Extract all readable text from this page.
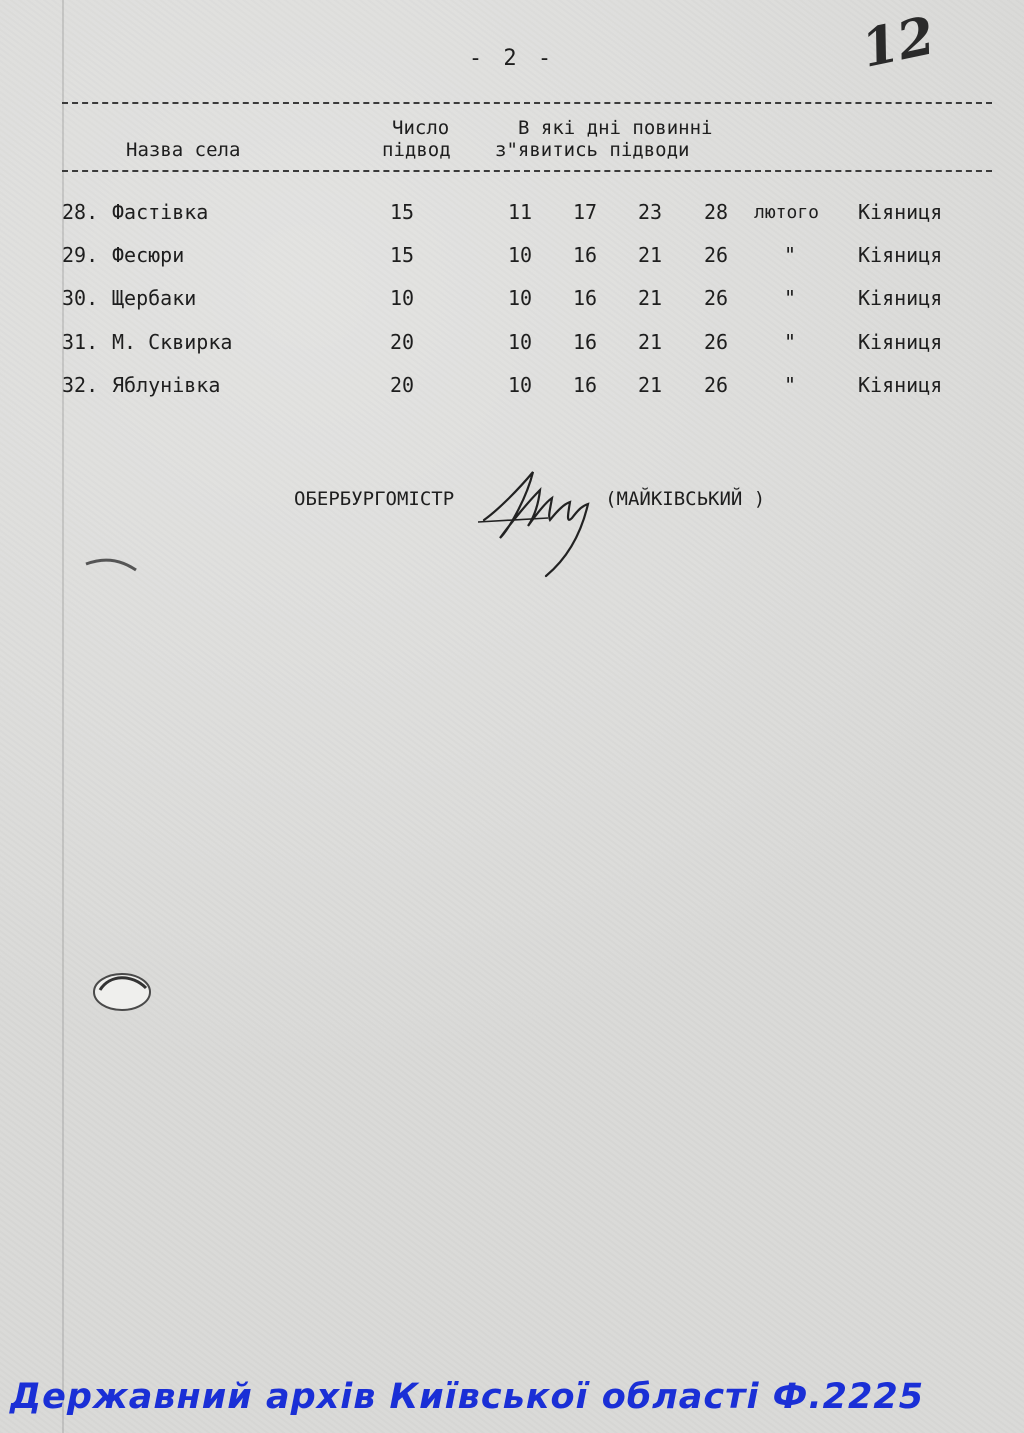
- 2 -	12
Назва села
Число
підвод
В які дні повинні
з"явитись підводи
28. Фастівка	15	11 17 23 28 лютого Кіяниця
29. Фесюри	15	10 16 21 26	"	Кіяниця
30. Щербаки	10	10 16 21 26	"	Кіяниця
31. М. Сквирка	20	10 16 21 26	"	Кіяниця
32. Яблунівка	20	10 16 21 26	"	Кіяниця
ОБЕРБУРГОМІСТР	(МАЙКІВСЬКИЙ )
Державний архів Київської області Ф.2225
